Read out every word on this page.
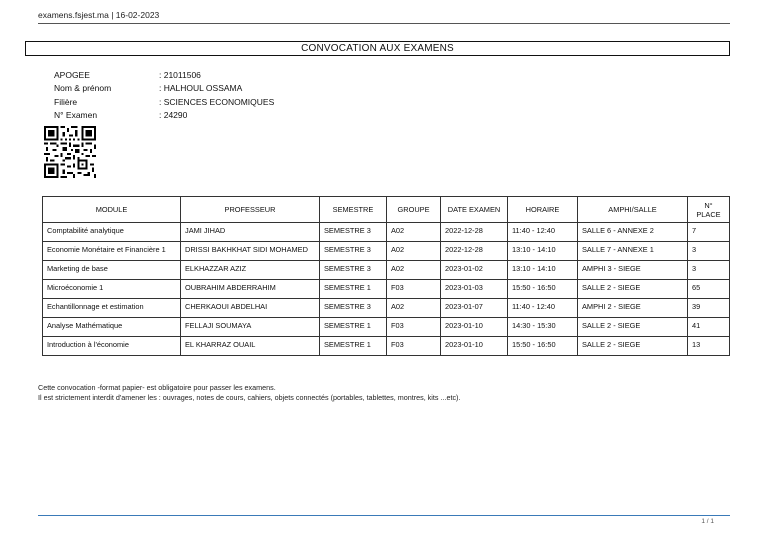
examens.fsjest.ma | 16-02-2023
CONVOCATION AUX EXAMENS
APOGEE	: 21011506
Nom & prénom	: HALHOUL OSSAMA
Filière	: SCIENCES ECONOMIQUES
N° Examen	: 24290
MODULE	PROFESSEUR	SEMESTRE	GROUPE	DATE EXAMEN	HORAIRE	AMPHI/SALLE	N° PLACE
Comptabilité analytique	JAMI JIHAD	SEMESTRE 3	A02	2022-12-28	11:40 - 12:40	SALLE 6 - ANNEXE 2	7
Economie Monétaire et Financière 1	DRISSI BAKHKHAT SIDI MOHAMED	SEMESTRE 3	A02	2022-12-28	13:10 - 14:10	SALLE 7 - ANNEXE 1	3
Marketing de base	ELKHAZZAR AZIZ	SEMESTRE 3	A02	2023-01-02	13:10 - 14:10	AMPHI 3 - SIEGE	3
Microéconomie 1	OUBRAHIM ABDERRAHIM	SEMESTRE 1	F03	2023-01-03	15:50 - 16:50	SALLE 2 - SIEGE	65
Echantillonnage et estimation	CHERKAOUI ABDELHAI	SEMESTRE 3	A02	2023-01-07	11:40 - 12:40	AMPHI 2 - SIEGE	39
Analyse Mathématique	FELLAJI SOUMAYA	SEMESTRE 1	F03	2023-01-10	14:30 - 15:30	SALLE 2 - SIEGE	41
Introduction à l'économie	EL KHARRAZ OUAIL	SEMESTRE 1	F03	2023-01-10	15:50 - 16:50	SALLE 2 - SIEGE	13
Cette convocation -format papier- est obligatoire pour passer les examens.
Il est strictement interdit d'amener les : ouvrages, notes de cours, cahiers, objets connectés (portables, tablettes, montres, kits ...etc).
1 / 1
